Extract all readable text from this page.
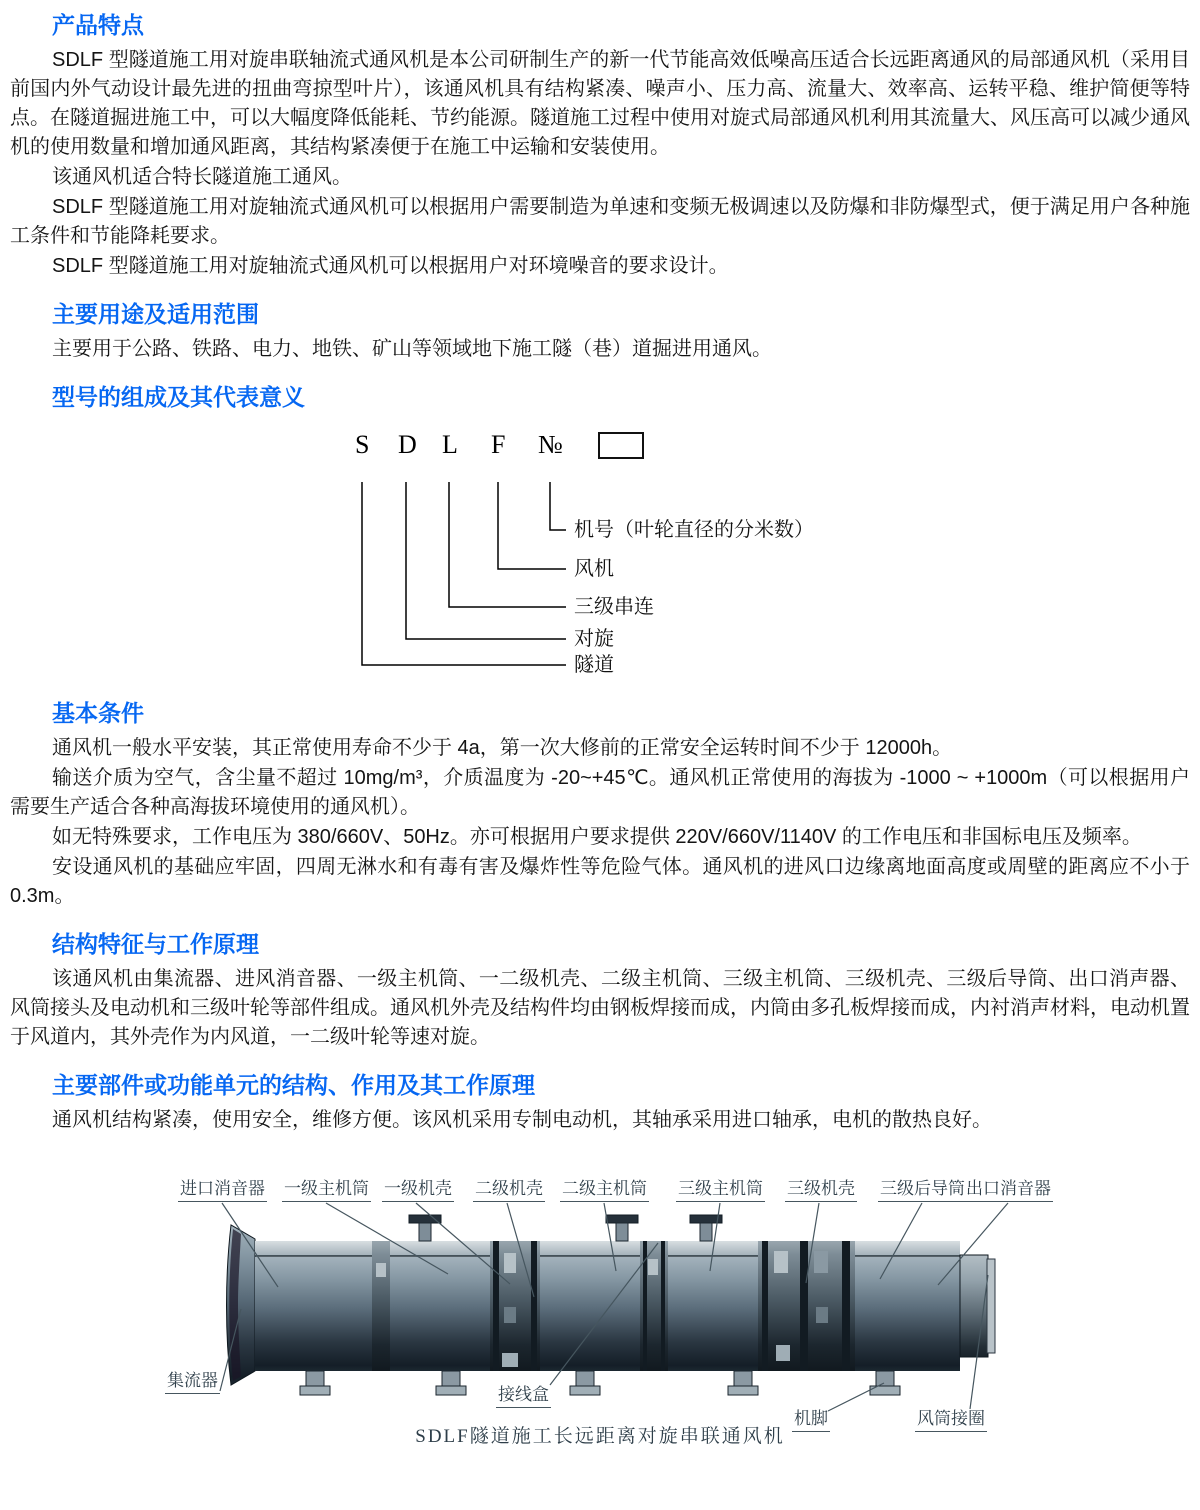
产品特点

SDLF 型隧道施工用对旋串联轴流式通风机是本公司研制生产的新一代节能高效低噪高压适合长远距离通风的局部通风机（采用目前国内外气动设计最先进的扭曲弯掠型叶片），该通风机具有结构紧凑、噪声小、压力高、流量大、效率高、运转平稳、维护简便等特点。在隧道掘进施工中，可以大幅度降低能耗、节约能源。隧道施工过程中使用对旋式局部通风机利用其流量大、风压高可以减少通风机的使用数量和增加通风距离，其结构紧凑便于在施工中运输和安装使用。

该通风机适合特长隧道施工通风。

SDLF 型隧道施工用对旋轴流式通风机可以根据用户需要制造为单速和变频无极调速以及防爆和非防爆型式，便于满足用户各种施工条件和节能降耗要求。

SDLF 型隧道施工用对旋轴流式通风机可以根据用户对环境噪音的要求设计。

主要用途及适用范围

主要用于公路、铁路、电力、地铁、矿山等领域地下施工隧（巷）道掘进用通风。

型号的组成及其代表意义
S D L F №
机号（叶轮直径的分米数）
风机
三级串连
对旋
隧道
基本条件

通风机一般水平安装，其正常使用寿命不少于 4a，第一次大修前的正常安全运转时间不少于 12000h。

输送介质为空气，含尘量不超过 10mg/m³，介质温度为 -20~+45℃。通风机正常使用的海拔为 -1000 ~ +1000m（可以根据用户需要生产适合各种高海拔环境使用的通风机）。

如无特殊要求，工作电压为 380/660V、50Hz。亦可根据用户要求提供 220V/660V/1140V 的工作电压和非国标电压及频率。

安设通风机的基础应牢固，四周无淋水和有毒有害及爆炸性等危险气体。通风机的进风口边缘离地面高度或周壁的距离应不小于 0.3m。

结构特征与工作原理

该通风机由集流器、进风消音器、一级主机筒、一二级机壳、二级主机筒、三级主机筒、三级机壳、三级后导筒、出口消声器、风筒接头及电动机和三级叶轮等部件组成。通风机外壳及结构件均由钢板焊接而成，内筒由多孔板焊接而成，内衬消声材料，电动机置于风道内，其外壳作为内风道，一二级叶轮等速对旋。

主要部件或功能单元的结构、作用及其工作原理

通风机结构紧凑，使用安全，维修方便。该风机采用专制电动机，其轴承采用进口轴承，电机的散热良好。

进口消音器 一级主机筒 一级机壳 二级机壳 二级主机筒 三级主机筒 三级机壳 三级后导筒 出口消音器
集流器
接线盒
机脚	风筒接圈
SDLF隧道施工长远距离对旋串联通风机
